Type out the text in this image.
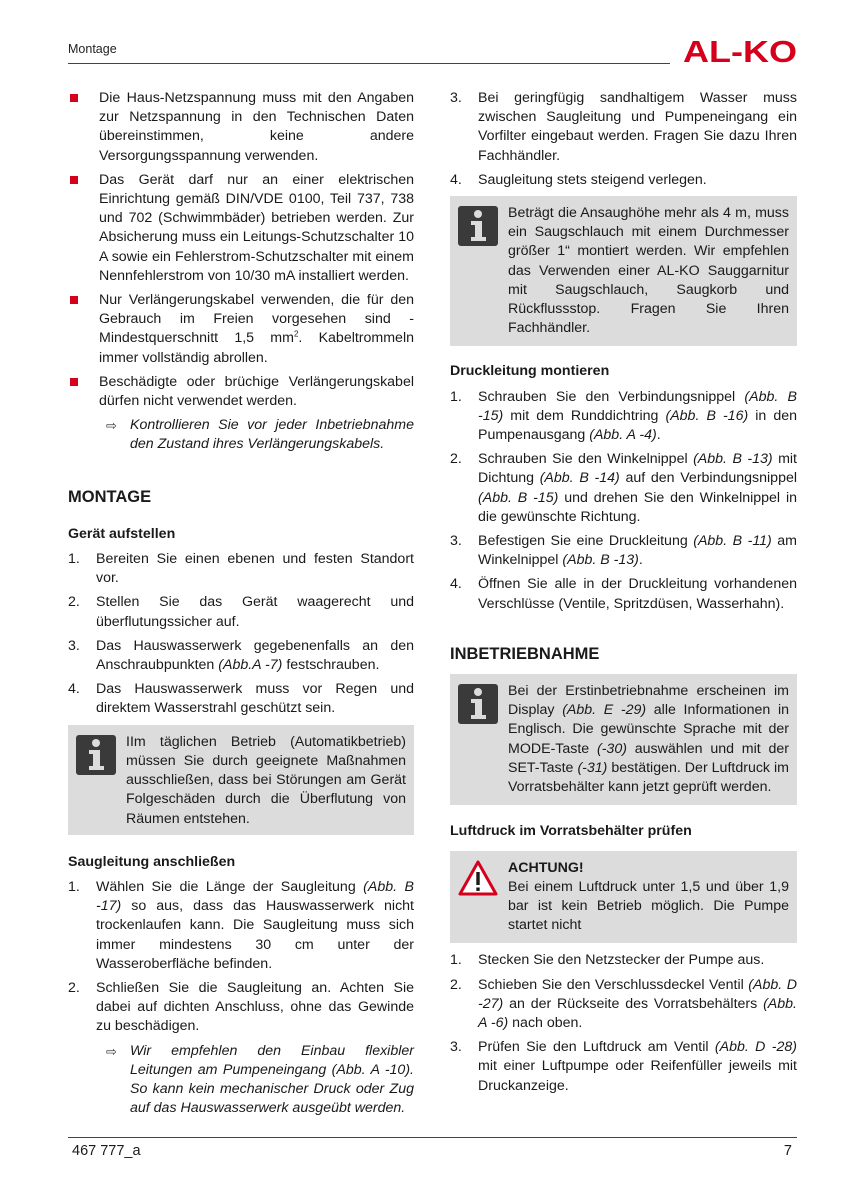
Montage	AL-KO
Die Haus-Netzspannung muss mit den Angaben zur Netzspannung in den Technischen Daten übereinstimmen, keine andere Versorgungsspannung verwenden.
Das Gerät darf nur an einer elektrischen Einrichtung gemäß DIN/VDE 0100, Teil 737, 738 und 702 (Schwimmbäder) betrieben werden. Zur Absicherung muss ein Leitungs-Schutzschalter 10 A sowie ein Fehlerstrom-Schutzschalter mit einem Nennfehlerstrom von 10/30 mA installiert werden.
Nur Verlängerungskabel verwenden, die für den Gebrauch im Freien vorgesehen sind - Mindestquerschnitt 1,5 $mm^2$. Kabeltrommeln immer vollständig abrollen.
Beschädigte oder brüchige Verlängerungskabel dürfen nicht verwendet werden.
⇨ Kontrollieren Sie vor jeder Inbetriebnahme den Zustand ihres Verlängerungskabels.

MONTAGE

Gerät aufstellen

1. Bereiten Sie einen ebenen und festen Standort vor.
2. Stellen Sie das Gerät waagerecht und überflutungssicher auf.
3. Das Hauswasserwerk gegebenenfalls an den Anschraubpunkten (Abb.A -7) festschrauben.
4. Das Hauswasserwerk muss vor Regen und direktem Wasserstrahl geschützt sein.
IIm täglichen Betrieb (Automatikbetrieb) müssen Sie durch geeignete Maßnahmen ausschließen, dass bei Störungen am Gerät Folgeschäden durch die Überflutung von Räumen entstehen.

Saugleitung anschließen

1. Wählen Sie die Länge der Saugleitung (Abb. B -17) so aus, dass das Hauswasserwerk nicht trockenlaufen kann. Die Saugleitung muss sich immer mindestens 30 cm unter der Wasseroberfläche befinden.
2. Schließen Sie die Saugleitung an. Achten Sie dabei auf dichten Anschluss, ohne das Gewinde zu beschädigen.
⇨ Wir empfehlen den Einbau flexibler Leitungen am Pumpeneingang (Abb. A -10). So kann kein mechanischer Druck oder Zug auf das Hauswasserwerk ausgeübt werden.
3. Bei geringfügig sandhaltigem Wasser muss zwischen Saugleitung und Pumpeneingang ein Vorfilter eingebaut werden. Fragen Sie dazu Ihren Fachhändler.
4. Saugleitung stets steigend verlegen.
Beträgt die Ansaughöhe mehr als 4 m, muss ein Saugschlauch mit einem Durchmesser größer 1“ montiert werden. Wir empfehlen das Verwenden einer AL-KO Sauggarnitur mit Saugschlauch, Saugkorb und Rückflussstop. Fragen Sie Ihren Fachhändler.

Druckleitung montieren

1. Schrauben Sie den Verbindungsnippel (Abb. B -15) mit dem Runddichtring (Abb. B -16) in den Pumpenausgang (Abb. A -4).
2. Schrauben Sie den Winkelnippel (Abb. B -13) mit Dichtung (Abb. B -14) auf den Verbindungsnippel (Abb. B -15) und drehen Sie den Winkelnippel in die gewünschte Richtung.
3. Befestigen Sie eine Druckleitung (Abb. B -11) am Winkelnippel (Abb. B -13).
4. Öffnen Sie alle in der Druckleitung vorhandenen Verschlüsse (Ventile, Spritzdüsen, Wasserhahn).

INBETRIEBNAHME

Bei der Erstinbetriebnahme erscheinen im Display (Abb. E -29) alle Informationen in Englisch. Die gewünschte Sprache mit der MODE-Taste (-30) auswählen und mit der SET-Taste (-31) bestätigen. Der Luftdruck im Vorratsbehälter kann jetzt geprüft werden.

Luftdruck im Vorratsbehälter prüfen

ACHTUNG!
Bei einem Luftdruck unter 1,5 und über 1,9 bar ist kein Betrieb möglich. Die Pumpe startet nicht
1. Stecken Sie den Netzstecker der Pumpe aus.
2. Schieben Sie den Verschlussdeckel Ventil (Abb. D -27) an der Rückseite des Vorratsbehälters (Abb. A -6) nach oben.
3. Prüfen Sie den Luftdruck am Ventil (Abb. D -28) mit einer Luftpumpe oder Reifenfüller jeweils mit Druckanzeige.
467 777_a	7
